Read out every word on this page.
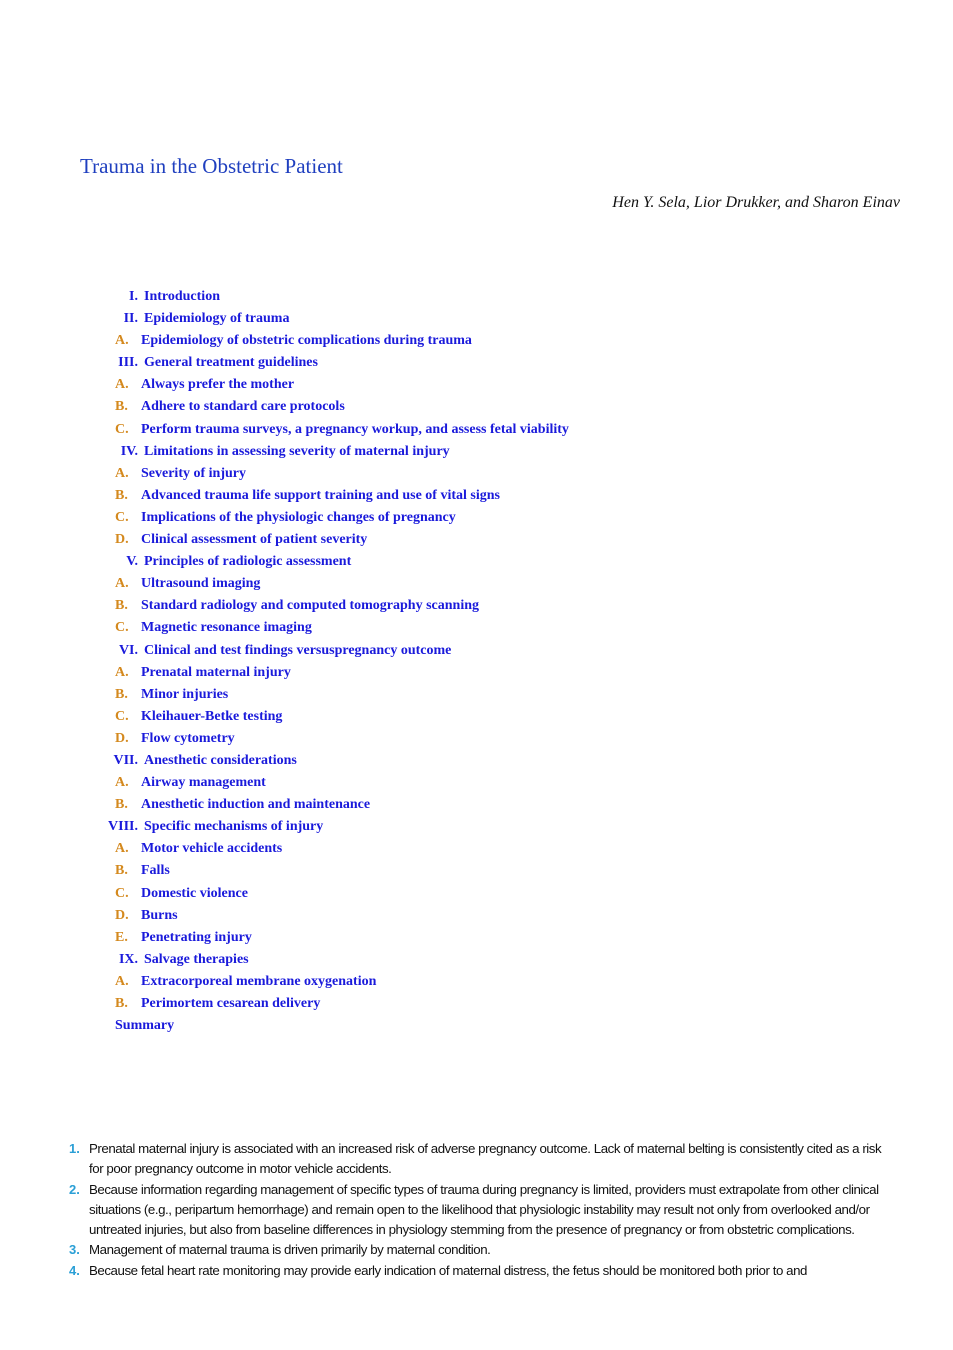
Trauma in the Obstetric Patient
Hen Y. Sela, Lior Drukker, and Sharon Einav
I. Introduction
II. Epidemiology of trauma
A. Epidemiology of obstetric complications during trauma
III. General treatment guidelines
A. Always prefer the mother
B. Adhere to standard care protocols
C. Perform trauma surveys, a pregnancy workup, and assess fetal viability
IV. Limitations in assessing severity of maternal injury
A. Severity of injury
B. Advanced trauma life support training and use of vital signs
C. Implications of the physiologic changes of pregnancy
D. Clinical assessment of patient severity
V. Principles of radiologic assessment
A. Ultrasound imaging
B. Standard radiology and computed tomography scanning
C. Magnetic resonance imaging
VI. Clinical and test findings versuspregnancy outcome
A. Prenatal maternal injury
B. Minor injuries
C. Kleihauer-Betke testing
D. Flow cytometry
VII. Anesthetic considerations
A. Airway management
B. Anesthetic induction and maintenance
VIII. Specific mechanisms of injury
A. Motor vehicle accidents
B. Falls
C. Domestic violence
D. Burns
E. Penetrating injury
IX. Salvage therapies
A. Extracorporeal membrane oxygenation
B. Perimortem cesarean delivery
Summary
1. Prenatal maternal injury is associated with an increased risk of adverse pregnancy outcome. Lack of maternal belting is consistently cited as a risk for poor pregnancy outcome in motor vehicle accidents.
2. Because information regarding management of specific types of trauma during pregnancy is limited, providers must extrapolate from other clinical situations (e.g., peripartum hemorrhage) and remain open to the likelihood that physiologic instability may result not only from overlooked and/or untreated injuries, but also from baseline differences in physiology stemming from the presence of pregnancy or from obstetric complications.
3. Management of maternal trauma is driven primarily by maternal condition.
4. Because fetal heart rate monitoring may provide early indication of maternal distress, the fetus should be monitored both prior to and
